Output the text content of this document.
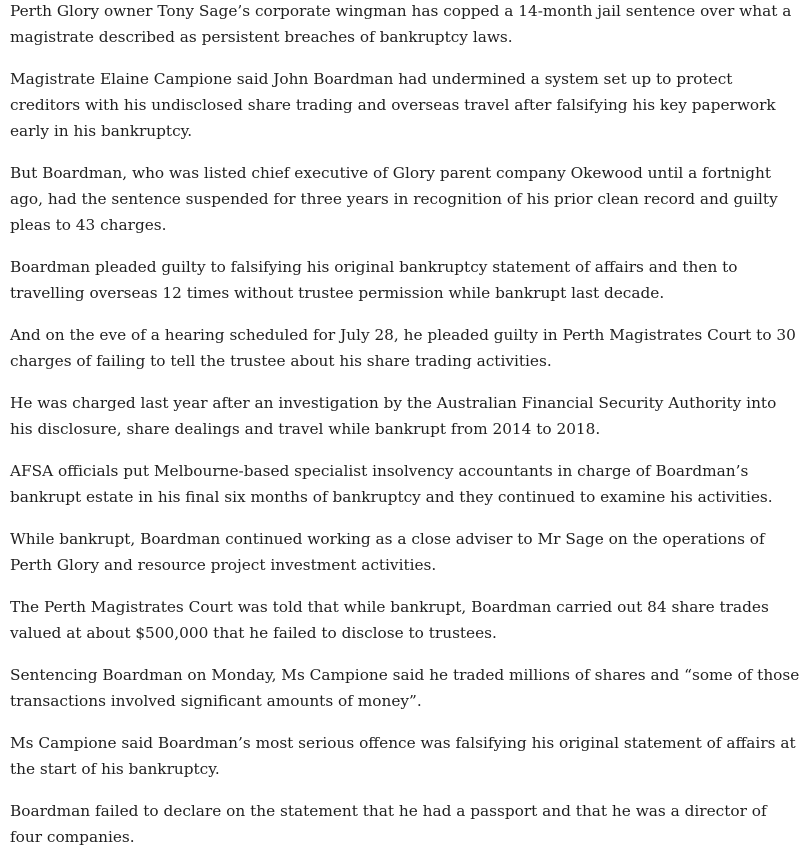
Perth Glory owner Tony Sage’s corporate wingman has copped a 14-month jail sentence over what a magistrate described as persistent breaches of bankruptcy laws.

Magistrate Elaine Campione said John Boardman had undermined a system set up to protect creditors with his undisclosed share trading and overseas travel after falsifying his key paperwork early in his bankruptcy.

But Boardman, who was listed chief executive of Glory parent company Okewood until a fortnight ago, had the sentence suspended for three years in recognition of his prior clean record and guilty pleas to 43 charges.

Boardman pleaded guilty to falsifying his original bankruptcy statement of affairs and then to travelling overseas 12 times without trustee permission while bankrupt last decade.

And on the eve of a hearing scheduled for July 28, he pleaded guilty in Perth Magistrates Court to 30 charges of failing to tell the trustee about his share trading activities.

He was charged last year after an investigation by the Australian Financial Security Authority into his disclosure, share dealings and travel while bankrupt from 2014 to 2018.

AFSA officials put Melbourne-based specialist insolvency accountants in charge of Boardman’s bankrupt estate in his final six months of bankruptcy and they continued to examine his activities.

While bankrupt, Boardman continued working as a close adviser to Mr Sage on the operations of Perth Glory and resource project investment activities.

The Perth Magistrates Court was told that while bankrupt, Boardman carried out 84 share trades valued at about $500,000 that he failed to disclose to trustees.

Sentencing Boardman on Monday, Ms Campione said he traded millions of shares and “some of those transactions involved significant amounts of money”.

Ms Campione said Boardman’s most serious offence was falsifying his original statement of affairs at the start of his bankruptcy.

Boardman failed to declare on the statement that he had a passport and that he was a director of four companies.
